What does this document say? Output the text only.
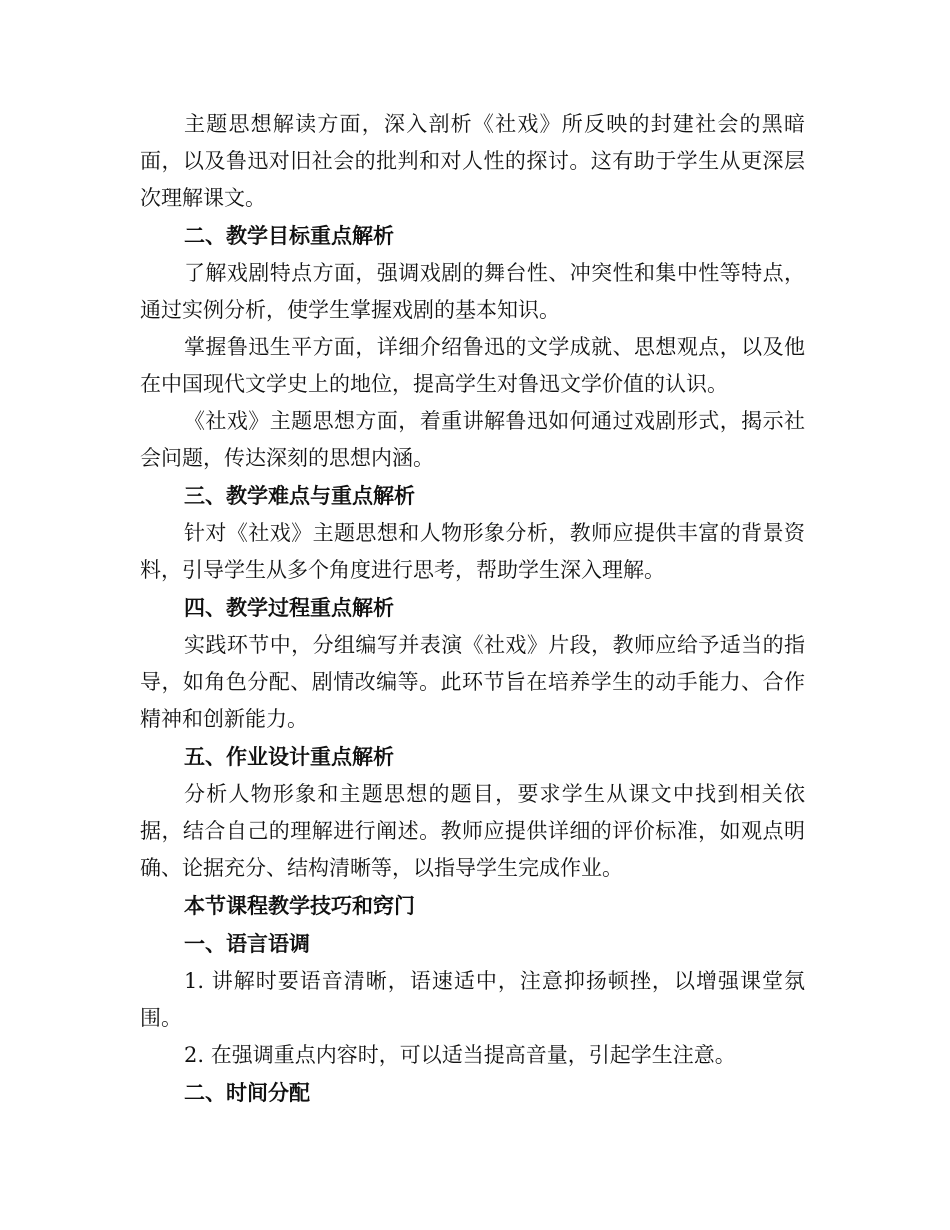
主题思想解读方面，深入剖析《社戏》所反映的封建社会的黑暗面，以及鲁迅对旧社会的批判和对人性的探讨。这有助于学生从更深层次理解课文。

二、教学目标重点解析

了解戏剧特点方面，强调戏剧的舞台性、冲突性和集中性等特点，通过实例分析，使学生掌握戏剧的基本知识。

掌握鲁迅生平方面，详细介绍鲁迅的文学成就、思想观点，以及他在中国现代文学史上的地位，提高学生对鲁迅文学价值的认识。

《社戏》主题思想方面，着重讲解鲁迅如何通过戏剧形式，揭示社会问题，传达深刻的思想内涵。

三、教学难点与重点解析

针对《社戏》主题思想和人物形象分析，教师应提供丰富的背景资料，引导学生从多个角度进行思考，帮助学生深入理解。

四、教学过程重点解析

实践环节中，分组编写并表演《社戏》片段，教师应给予适当的指导，如角色分配、剧情改编等。此环节旨在培养学生的动手能力、合作精神和创新能力。

五、作业设计重点解析

分析人物形象和主题思想的题目，要求学生从课文中找到相关依据，结合自己的理解进行阐述。教师应提供详细的评价标准，如观点明确、论据充分、结构清晰等，以指导学生完成作业。

本节课程教学技巧和窍门

一、语言语调

1. 讲解时要语音清晰，语速适中，注意抑扬顿挫，以增强课堂氛围。

2. 在强调重点内容时，可以适当提高音量，引起学生注意。

二、时间分配
